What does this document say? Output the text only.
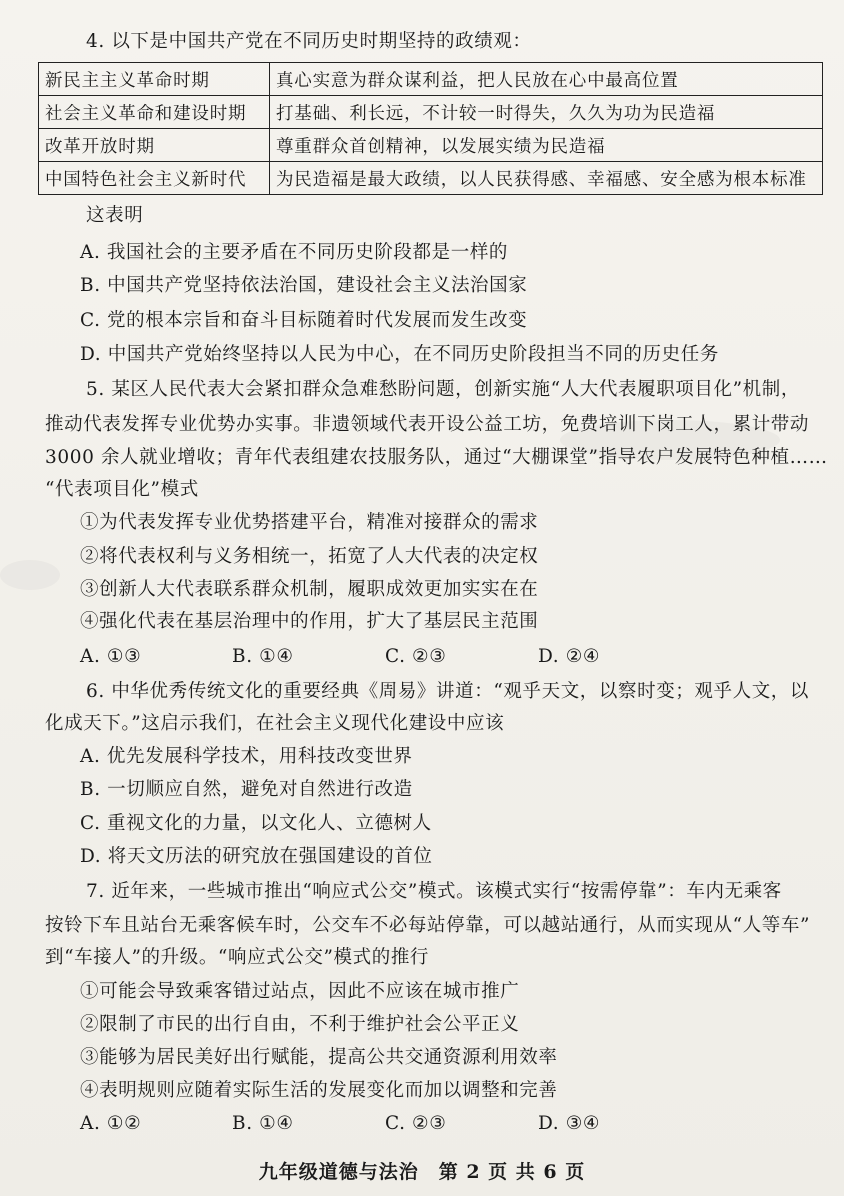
4. 以下是中国共产党在不同历史时期坚持的政绩观：
新民主主义革命时期	真心实意为群众谋利益，把人民放在心中最高位置
社会主义革命和建设时期	打基础、利长远，不计较一时得失，久久为功为民造福
改革开放时期	尊重群众首创精神，以发展实绩为民造福
中国特色社会主义新时代	为民造福是最大政绩，以人民获得感、幸福感、安全感为根本标准
这表明
A. 我国社会的主要矛盾在不同历史阶段都是一样的
B. 中国共产党坚持依法治国，建设社会主义法治国家
C. 党的根本宗旨和奋斗目标随着时代发展而发生改变
D. 中国共产党始终坚持以人民为中心，在不同历史阶段担当不同的历史任务
5. 某区人民代表大会紧扣群众急难愁盼问题，创新实施“人大代表履职项目化”机制，
推动代表发挥专业优势办实事。非遗领域代表开设公益工坊，免费培训下岗工人，累计带动
3000 余人就业增收；青年代表组建农技服务队，通过“大棚课堂”指导农户发展特色种植……
“代表项目化”模式
①为代表发挥专业优势搭建平台，精准对接群众的需求
②将代表权利与义务相统一，拓宽了人大代表的决定权
③创新人大代表联系群众机制，履职成效更加实实在在
④强化代表在基层治理中的作用，扩大了基层民主范围
A. ①③	B. ①④	C. ②③	D. ②④
6. 中华优秀传统文化的重要经典《周易》讲道：“观乎天文，以察时变；观乎人文，以
化成天下。”这启示我们，在社会主义现代化建设中应该
A. 优先发展科学技术，用科技改变世界
B. 一切顺应自然，避免对自然进行改造
C. 重视文化的力量，以文化人、立德树人
D. 将天文历法的研究放在强国建设的首位
7. 近年来，一些城市推出“响应式公交”模式。该模式实行“按需停靠”：车内无乘客
按铃下车且站台无乘客候车时，公交车不必每站停靠，可以越站通行，从而实现从“人等车”
到“车接人”的升级。“响应式公交”模式的推行
①可能会导致乘客错过站点，因此不应该在城市推广
②限制了市民的出行自由，不利于维护社会公平正义
③能够为居民美好出行赋能，提高公共交通资源利用效率
④表明规则应随着实际生活的发展变化而加以调整和完善
A. ①②	B. ①④	C. ②③	D. ③④
九年级道德与法治　第 2 页 共 6 页
